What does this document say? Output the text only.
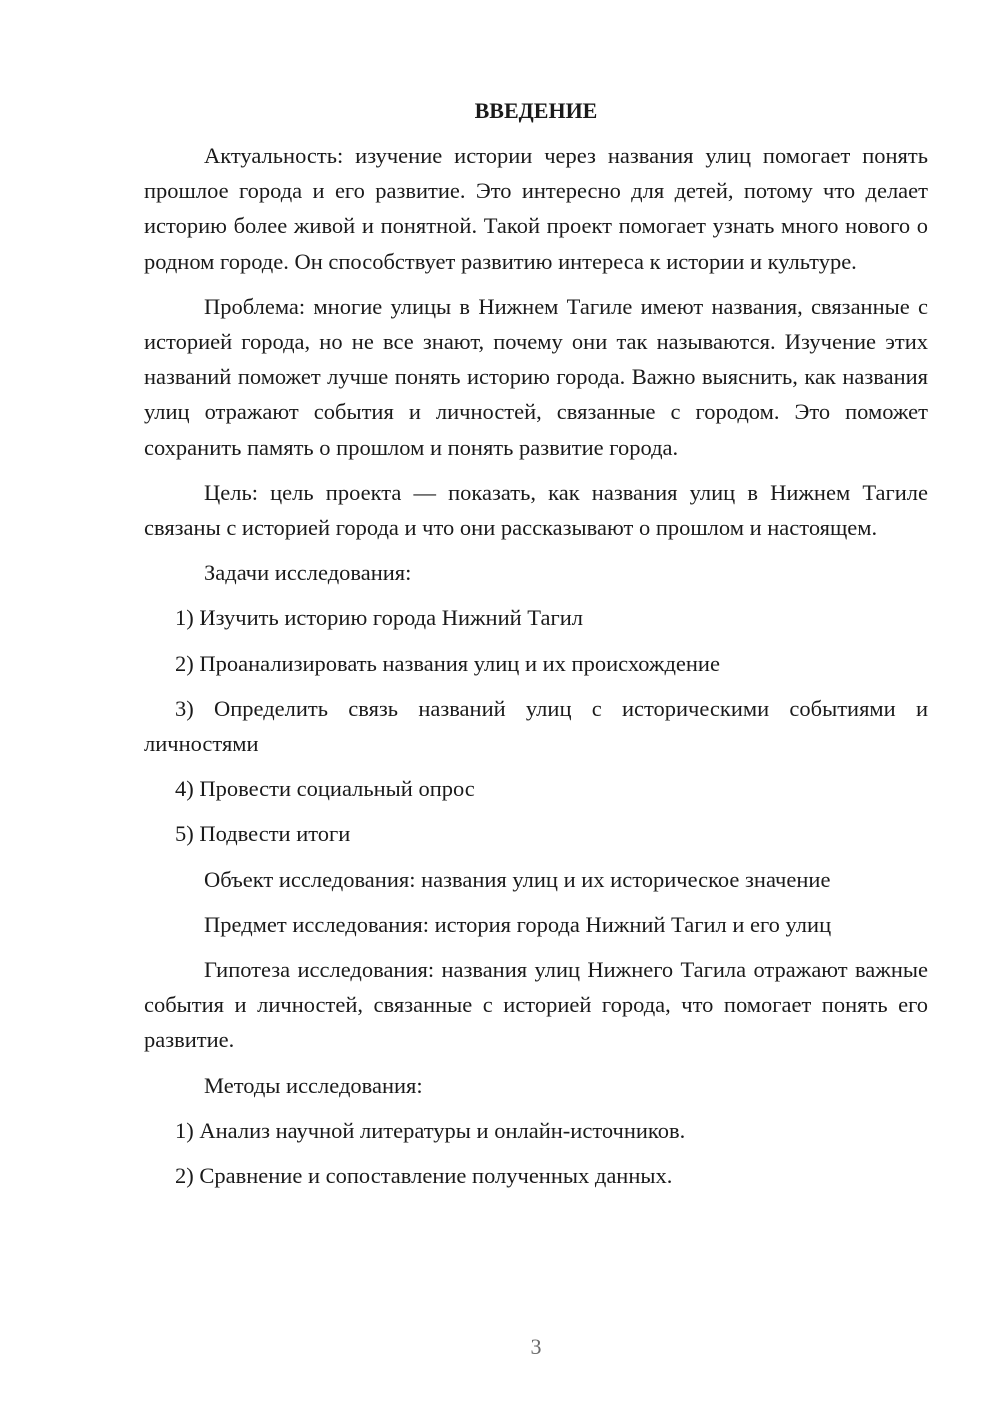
ВВЕДЕНИЕ

Актуальность: изучение истории через названия улиц помогает понять прошлое города и его развитие. Это интересно для детей, потому что делает историю более живой и понятной. Такой проект помогает узнать много нового о родном городе. Он способствует развитию интереса к истории и культуре.

Проблема: многие улицы в Нижнем Тагиле имеют названия, связанные с историей города, но не все знают, почему они так называются. Изучение этих названий поможет лучше понять историю города. Важно выяснить, как названия улиц отражают события и личностей, связанные с городом. Это поможет сохранить память о прошлом и понять развитие города.

Цель: цель проекта — показать, как названия улиц в Нижнем Тагиле связаны с историей города и что они рассказывают о прошлом и настоящем.

Задачи исследования:

1) Изучить историю города Нижний Тагил

2) Проанализировать названия улиц и их происхождение

3) Определить связь названий улиц с историческими событиями и личностями

4) Провести социальный опрос

5) Подвести итоги

Объект исследования: названия улиц и их историческое значение

Предмет исследования: история города Нижний Тагил и его улиц

Гипотеза исследования: названия улиц Нижнего Тагила отражают важные события и личностей, связанные с историей города, что помогает понять его развитие.

Методы исследования:

1) Анализ научной литературы и онлайн-источников.

2) Сравнение и сопоставление полученных данных.

3
